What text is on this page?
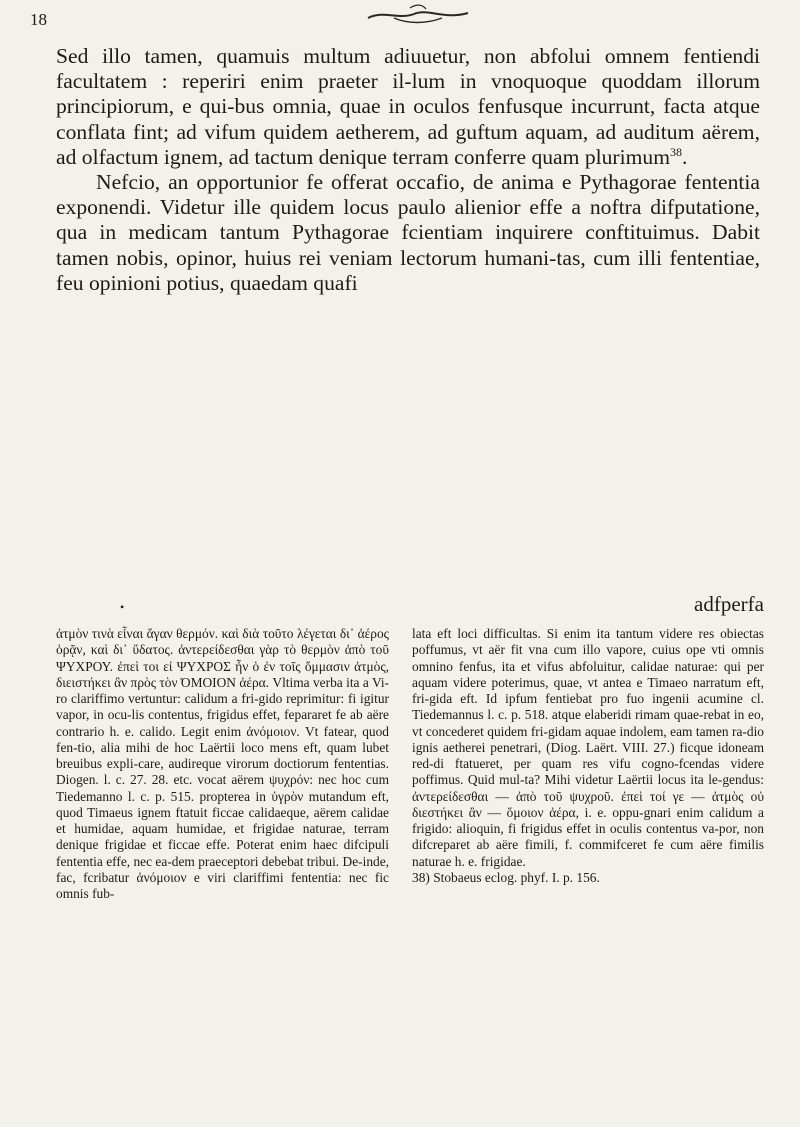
18

Sed illo tamen, quamuis multum adiuuetur, non abfolui omnem fentiendi facultatem : reperiri enim praeter il-lum in vnoquoque quoddam illorum principiorum, e qui-bus omnia, quae in oculos fenfusque incurrunt, facta atque conflata fint; ad vifum quidem aetherem, ad guftum aquam, ad auditum aërem, ad olfactum ignem, ad tactum denique terram conferre quam plurimum$^{38}$.

Nefcio, an opportunior fe offerat occafio, de anima e Pythagorae fententia exponendi. Videtur ille quidem locus paulo alienior effe a noftra difputatione, qua in medicam tantum Pythagorae fcientiam inquirere conftituimus. Dabit tamen nobis, opinor, huius rei veniam lectorum humani-tas, cum illi fententiae, feu opinioni potius, quaedam quafi

•	adfperfa

ἀτμὸν τινὰ εἶναι ἄγαν θερμόν. καὶ διὰ τοῦτο λέγεται δι᾽ ἀέρος ὁρᾷν, καὶ δι᾽ ὕδατος. ἀντερείδεσθαι γὰρ τὸ θερμὸν ἀπὸ τοῦ ΨΥΧΡΟΥ. ἐπεὶ τοι εἰ ΨΥΧΡΟΣ ἦν ὁ ἐν τοῖς ὄμμασιν ἀτμὸς, διειστήκει ἂν πρὸς τὸν ΌΜΟΙΟΝ ἀέρα. Vltima verba ita a Vi-ro clariffimo vertuntur: calidum a fri-gido reprimitur: fi igitur vapor, in ocu-lis contentus, frigidus effet, fepararet fe ab aëre contrario h. e. calido. Legit enim ἀνόμοιον. Vt fatear, quod fen-tio, alia mihi de hoc Laërtii loco mens eft, quam lubet breuibus expli-care, audireque virorum doctiorum fententias. Diogen. l. c. 27. 28. etc. vocat aërem ψυχρόν: nec hoc cum Tiedemanno l. c. p. 515. propterea in ὑγρὸν mutandum eft, quod Timaeus ignem ftatuit ficcae calidaeque, aërem calidae et humidae, aquam humidae, et frigidae naturae, terram denique frigidae et ficcae effe. Poterat enim haec difcipuli fententia effe, nec ea-dem praeceptori debebat tribui. De-inde, fac, fcribatur ἀνόμοιον e viri clariffimi fententia: nec fic omnis fub-

lata eft loci difficultas. Si enim ita tantum videre res obiectas poffumus, vt aër fit vna cum illo vapore, cuius ope vti omnis omnino fenfus, ita et vifus abfoluitur, calidae naturae: qui per aquam videre poterimus, quae, vt antea e Timaeo narratum eft, fri-gida eft. Id ipfum fentiebat pro fuo ingenii acumine cl. Tiedemannus l. c. p. 518. atque elaberidi rimam quae-rebat in eo, vt concederet quidem fri-gidam aquae indolem, eam tamen ra-dio ignis aetherei penetrari, (Diog. Laërt. VIII. 27.) ficque idoneam red-di ftatueret, per quam res vifu cogno-fcendas videre poffimus. Quid mul-ta? Mihi videtur Laërtii locus ita le-gendus: ἀντερείδεσθαι — ἀπὸ τοῦ ψυχροῦ. ἐπεὶ τοί γε — ἀτμὸς οὐ διεστήκει ἂν — ὅμοιον ἀέρα, i. e. oppu-gnari enim calidum a frigido: alioquin, fi frigidus effet in oculis contentus va-por, non difcreparet ab aëre fimili, f. commifceret fe cum aëre fimilis naturae h. e. frigidae.

38) Stobaeus eclog. phyf. I. p. 156.
